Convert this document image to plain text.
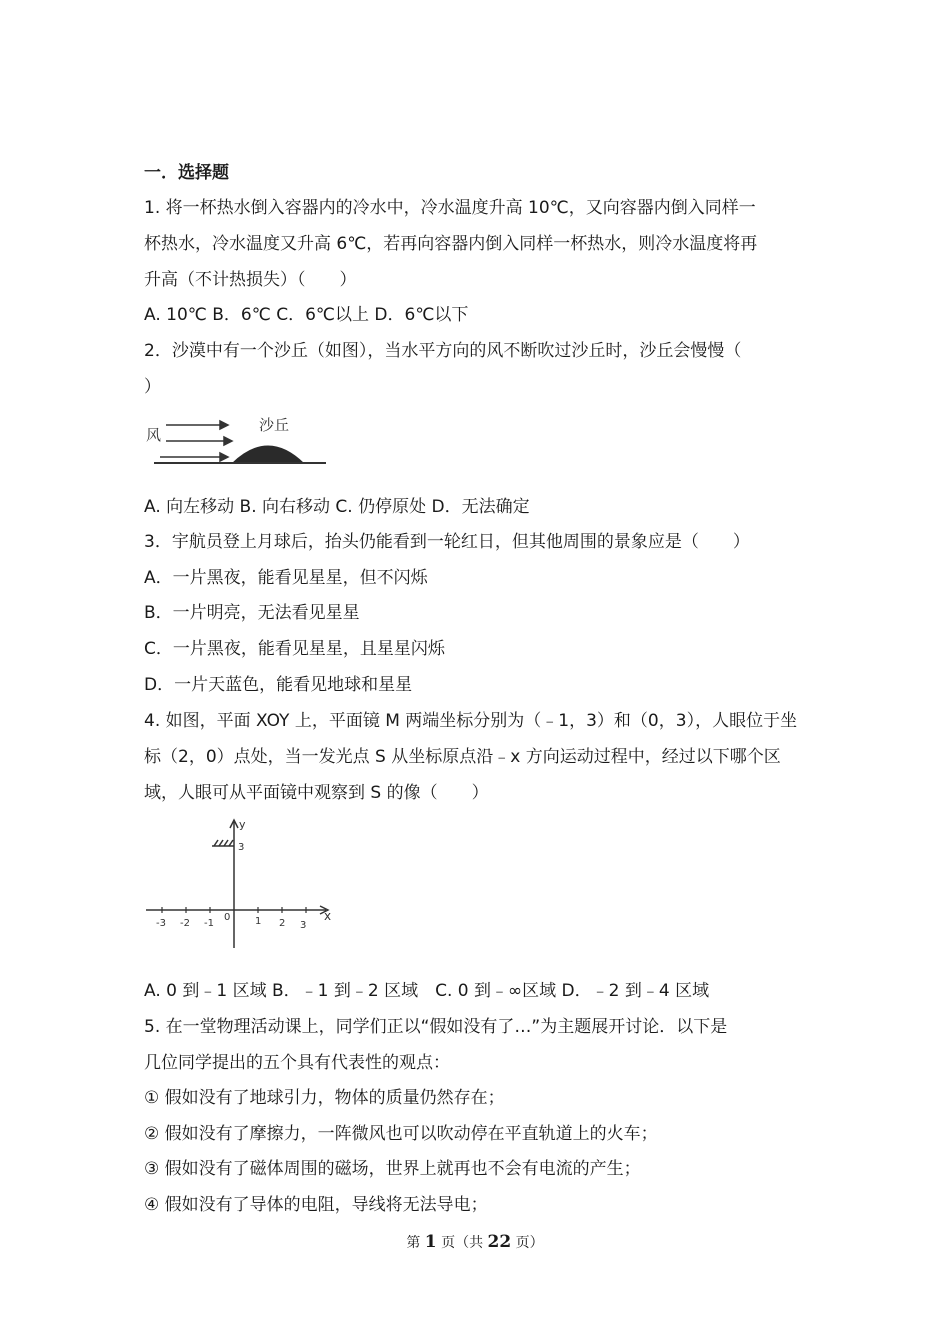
一．选择题
1. 将一杯热水倒入容器内的冷水中，冷水温度升高 10℃，又向容器内倒入同样一
杯热水，冷水温度又升高 6℃，若再向容器内倒入同样一杯热水，则冷水温度将再
升高（不计热损失）（　　）
A. 10℃ B．6℃ C．6℃以上 D．6℃以下
2．沙漠中有一个沙丘（如图），当水平方向的风不断吹过沙丘时，沙丘会慢慢（
）
风
沙丘
A. 向左移动 B. 向右移动 C. 仍停原处 D．无法确定
3．宇航员登上月球后，抬头仍能看到一轮红日，但其他周围的景象应是（　　）
A．一片黑夜，能看见星星，但不闪烁
B．一片明亮，无法看见星星
C．一片黑夜，能看见星星，且星星闪烁
D．一片天蓝色，能看见地球和星星
4. 如图，平面 XOY 上，平面镜 M 两端坐标分别为（﹣1，3）和（0，3），人眼位于坐
标（2，0）点处，当一发光点 S 从坐标原点沿﹣x 方向运动过程中，经过以下哪个区
域，人眼可从平面镜中观察到 S 的像（　　）
y
x
3
0
-3 -2 -1	1 2 3
A. 0 到﹣1 区域 B．﹣1 到﹣2 区域　C. 0 到﹣∞区域 D．﹣2 到﹣4 区域
5. 在一堂物理活动课上，同学们正以“假如没有了…”为主题展开讨论．以下是
几位同学提出的五个具有代表性的观点：
① 假如没有了地球引力，物体的质量仍然存在；
② 假如没有了摩擦力，一阵微风也可以吹动停在平直轨道上的火车；
③ 假如没有了磁体周围的磁场，世界上就再也不会有电流的产生；
④ 假如没有了导体的电阻，导线将无法导电；
第 1 页（共 22 页）
